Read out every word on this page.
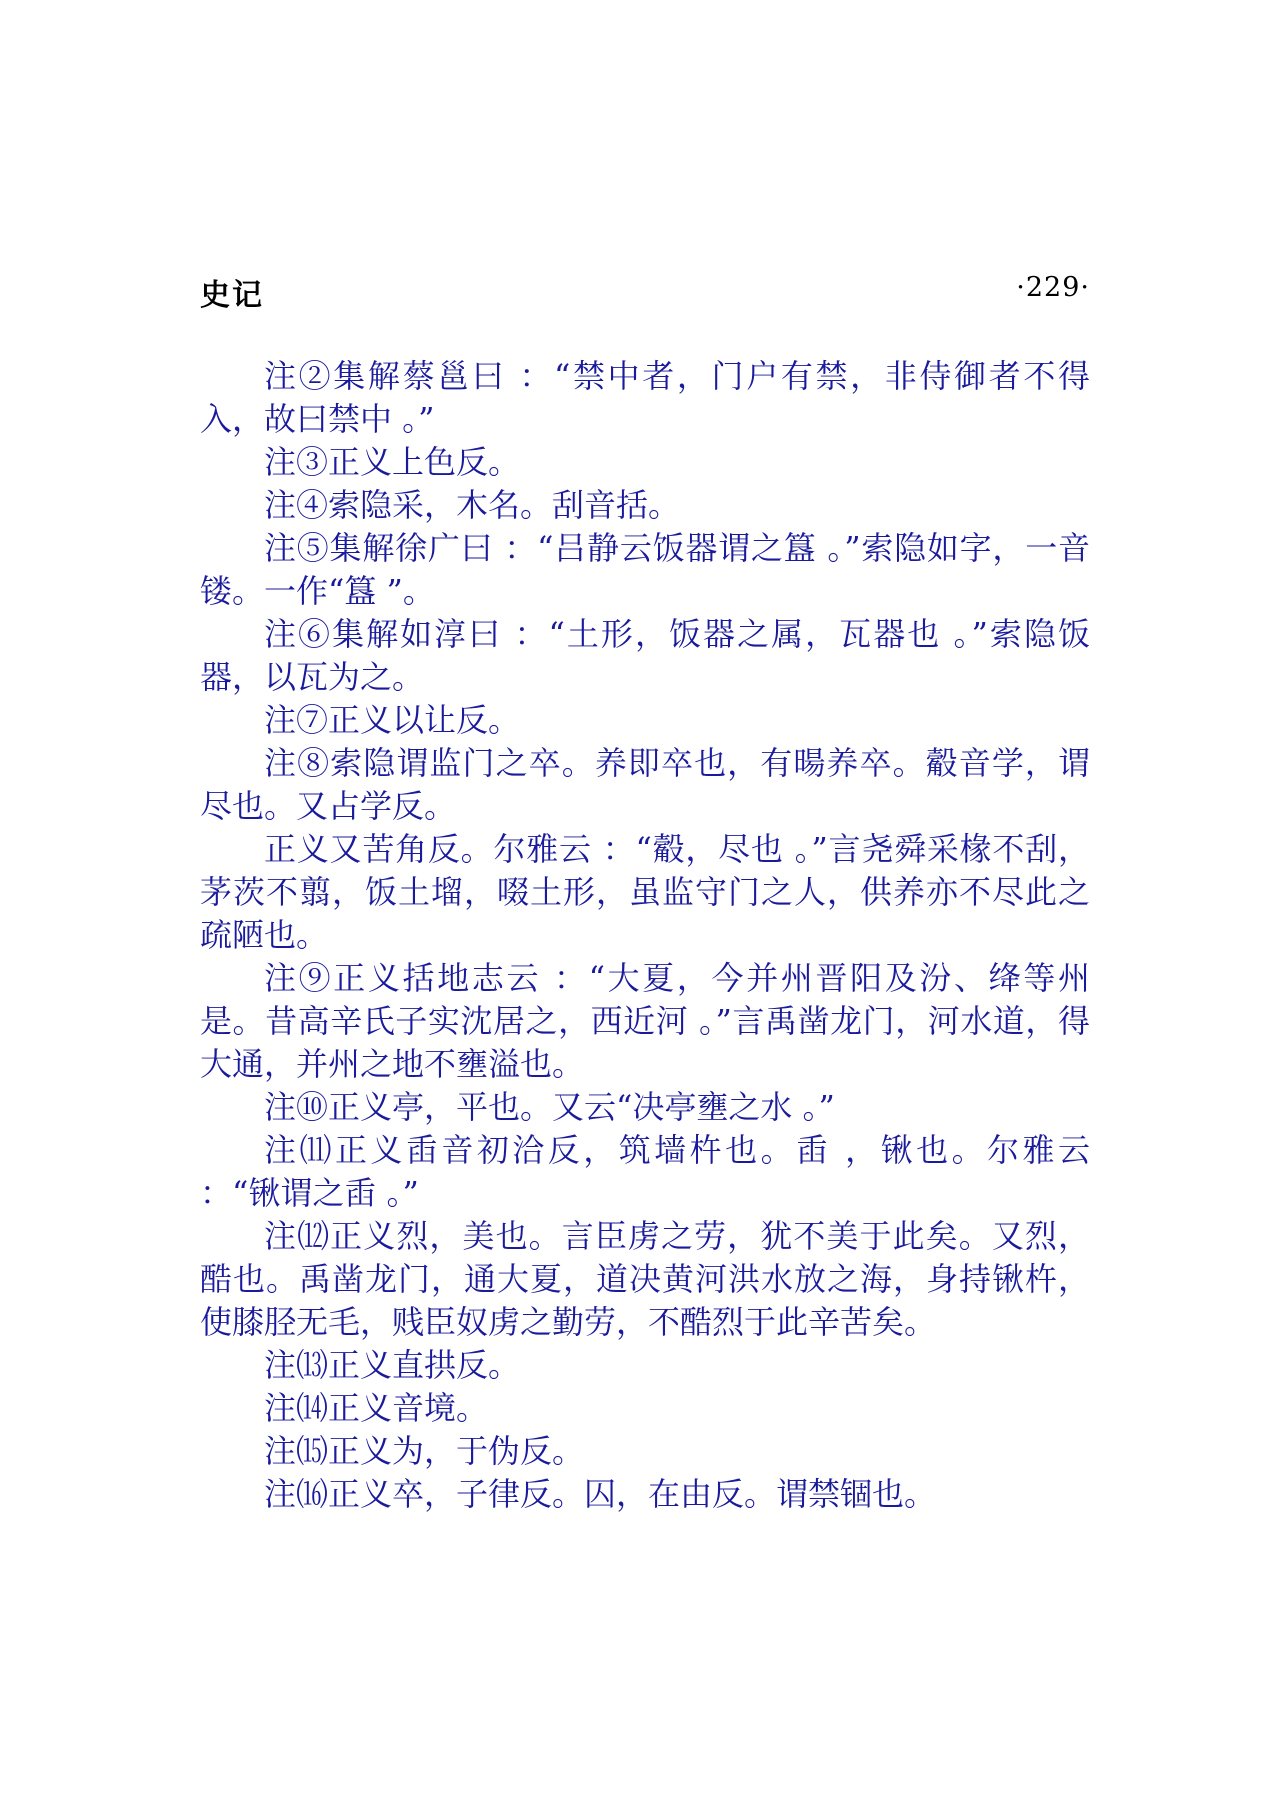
史记	·229·

注②集解蔡邕曰 ：“禁中者，门户有禁，非侍御者不得入，故曰禁中 。”

注③正义上色反。

注④索隐采，木名。刮音括。

注⑤集解徐广曰 ：“吕静云饭器谓之簋 。”索隐如字，一音镂。一作“簋 ”。

注⑥集解如淳曰 ：“土形，饭器之属，瓦器也 。”索隐饭器，以瓦为之。

注⑦正义以让反。

注⑧索隐谓监门之卒。养即卒也，有暘养卒。觳音学，谓尽也。又占学反。

正义又苦角反。尔雅云 ：“觳，尽也 。”言尧舜采椽不刮，茅茨不翦，饭土塯，啜土形，虽监守门之人，供养亦不尽此之疏陋也。

注⑨正义括地志云 ：“大夏，今并州晋阳及汾、绛等州是。昔高辛氏子实沈居之，西近河 。”言禹凿龙门，河水道，得大通，并州之地不壅溢也。

注⑩正义亭，平也。又云“决亭壅之水 。”

注⑾正义臿音初洽反，筑墙杵也。臿 ，锹也。尔雅云 ：“锹谓之臿 。”

注⑿正义烈，美也。言臣虏之劳，犹不美于此矣。又烈，酷也。禹凿龙门，通大夏，道决黄河洪水放之海，身持锹杵，使膝胫无毛，贱臣奴虏之勤劳，不酷烈于此辛苦矣。

注⒀正义直拱反。

注⒁正义音境。

注⒂正义为，于伪反。

注⒃正义卒，子律反。囚，在由反。谓禁锢也。
